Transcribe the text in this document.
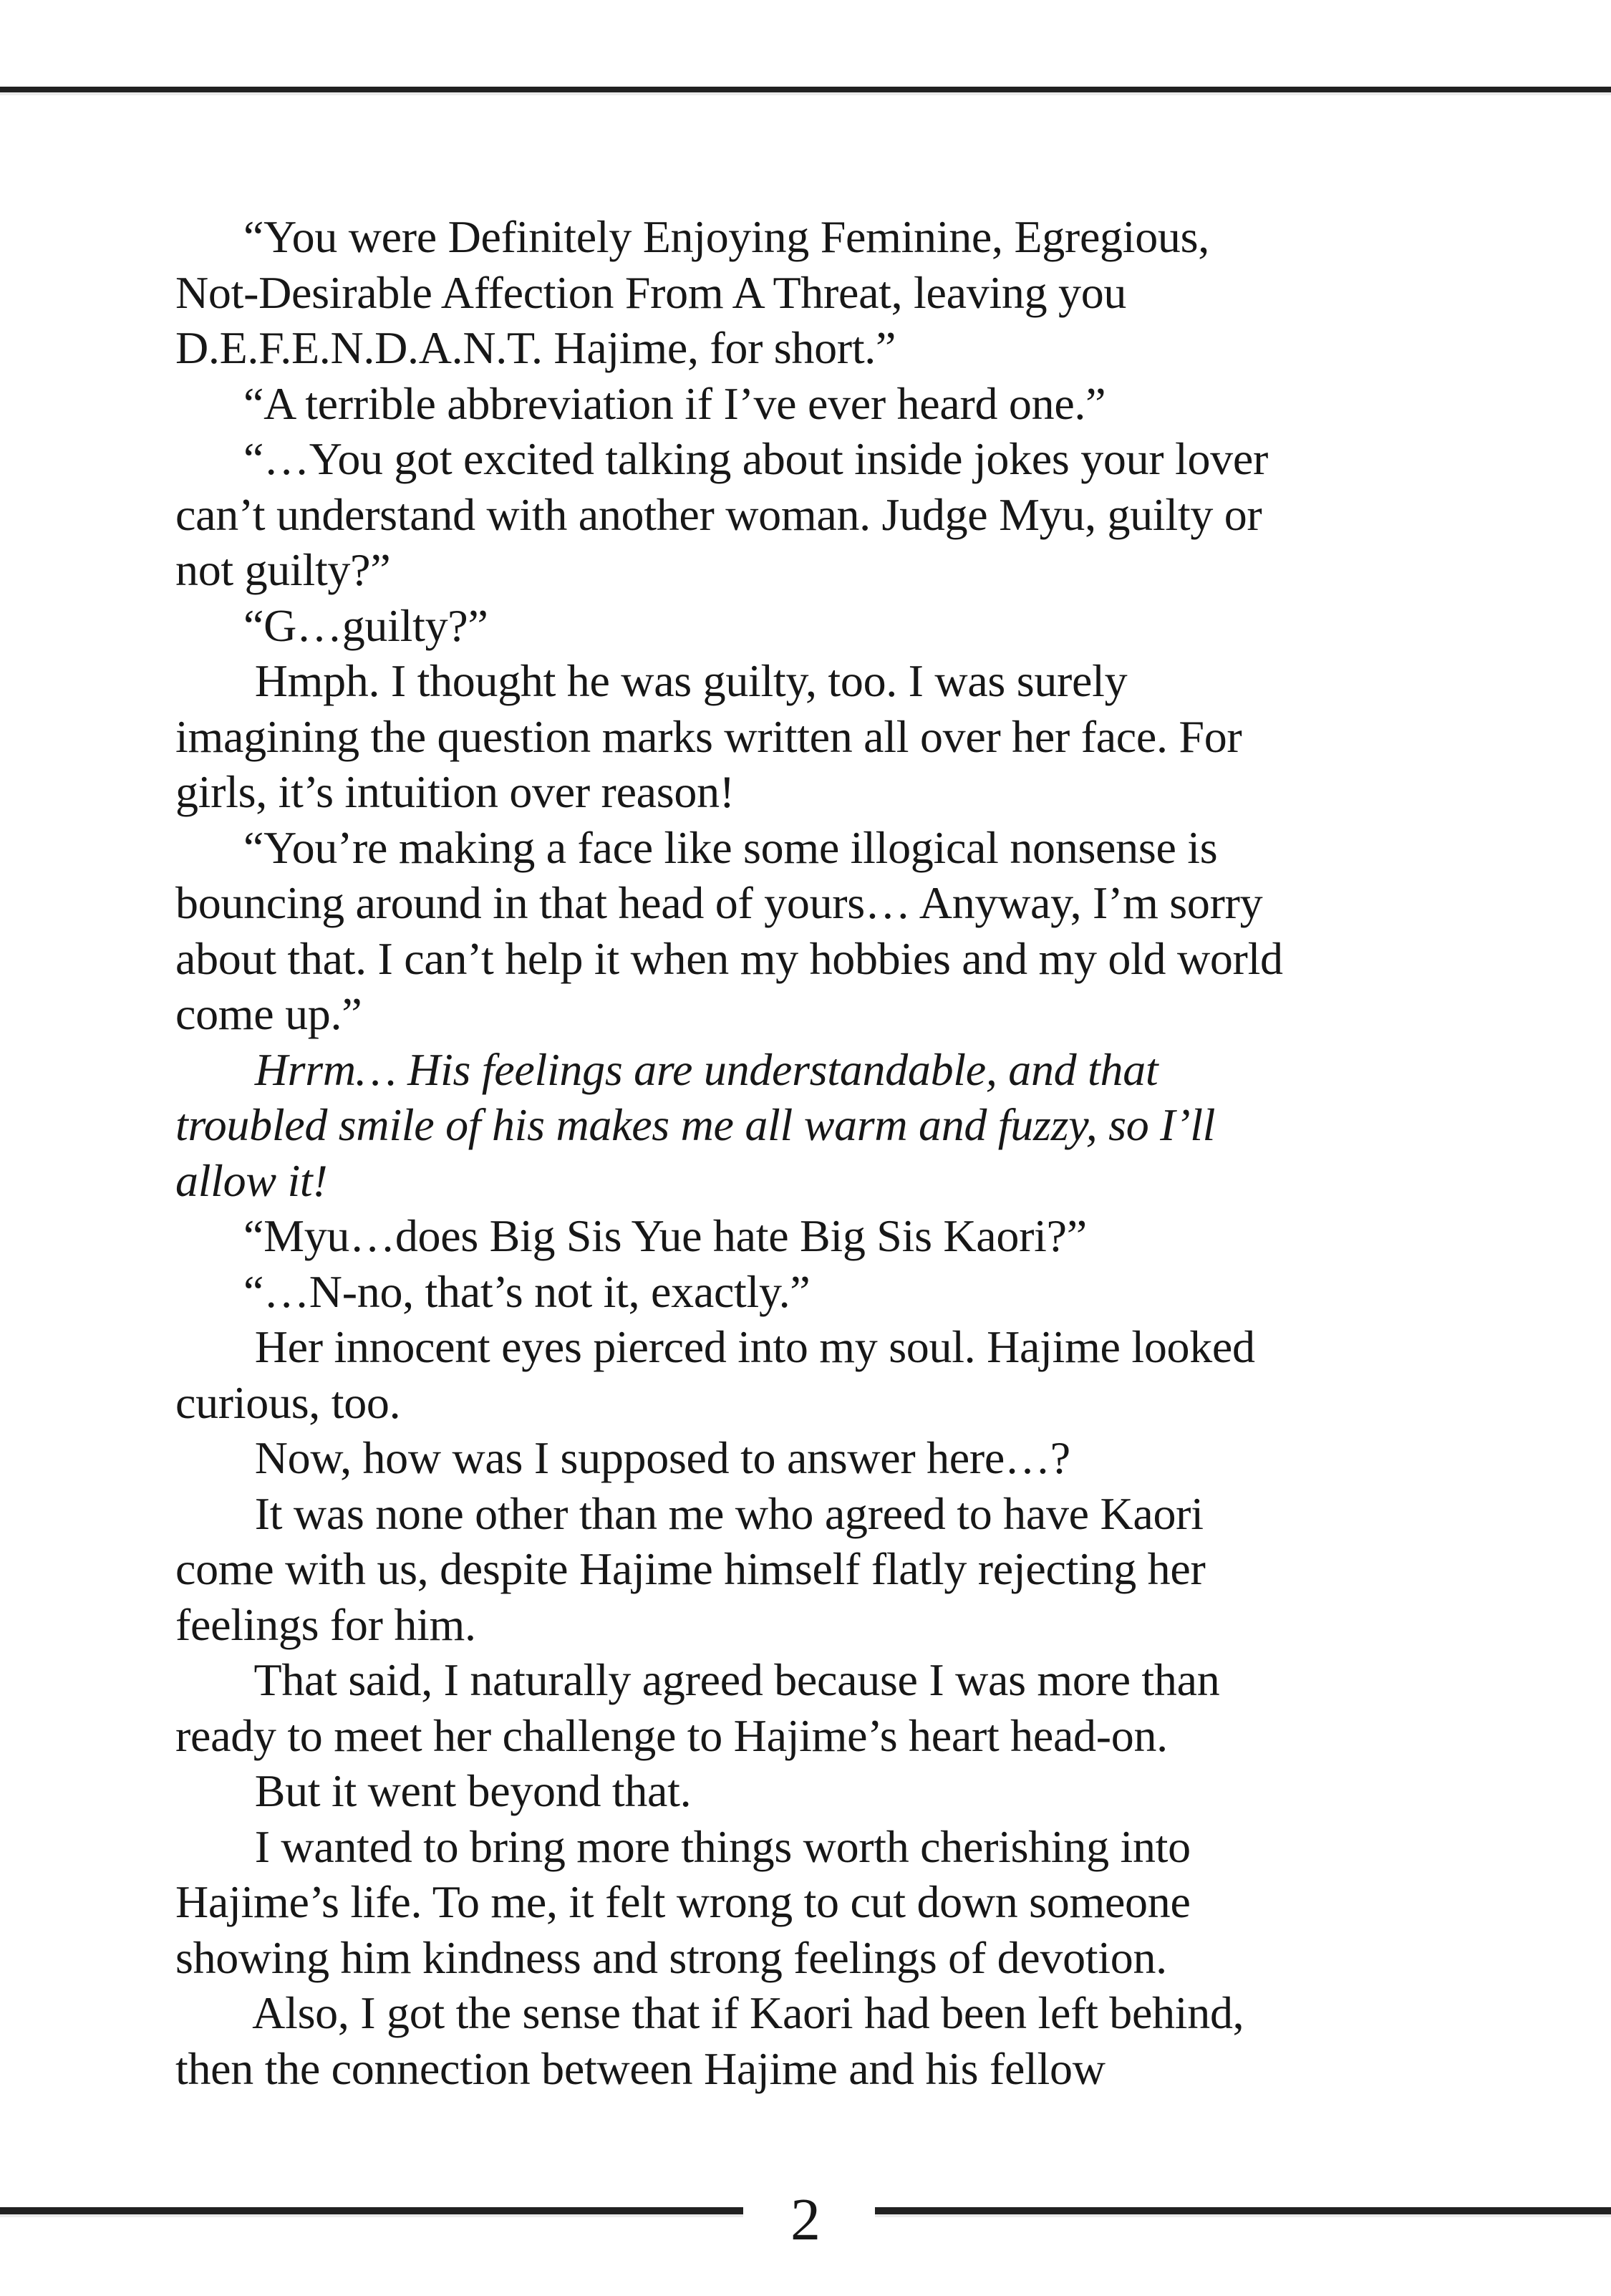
“You were Definitely Enjoying Feminine, Egregious,
Not-Desirable Affection From A Threat, leaving you
D.E.F.E.N.D.A.N.T. Hajime, for short.”
“A terrible abbreviation if I’ve ever heard one.”
“…You got excited talking about inside jokes your lover
can’t understand with another woman. Judge Myu, guilty or
not guilty?”
“G…guilty?”
Hmph. I thought he was guilty, too. I was surely
imagining the question marks written all over her face. For
girls, it’s intuition over reason!
“You’re making a face like some illogical nonsense is
bouncing around in that head of yours… Anyway, I’m sorry
about that. I can’t help it when my hobbies and my old world
come up.”
Hrrm… His feelings are understandable, and that
troubled smile of his makes me all warm and fuzzy, so I’ll
allow it!
“Myu…does Big Sis Yue hate Big Sis Kaori?”
“…N-no, that’s not it, exactly.”
Her innocent eyes pierced into my soul. Hajime looked
curious, too.
Now, how was I supposed to answer here…?
It was none other than me who agreed to have Kaori
come with us, despite Hajime himself flatly rejecting her
feelings for him.
That said, I naturally agreed because I was more than
ready to meet her challenge to Hajime’s heart head-on.
But it went beyond that.
I wanted to bring more things worth cherishing into
Hajime’s life. To me, it felt wrong to cut down someone
showing him kindness and strong feelings of devotion.
Also, I got the sense that if Kaori had been left behind,
then the connection between Hajime and his fellow
2
